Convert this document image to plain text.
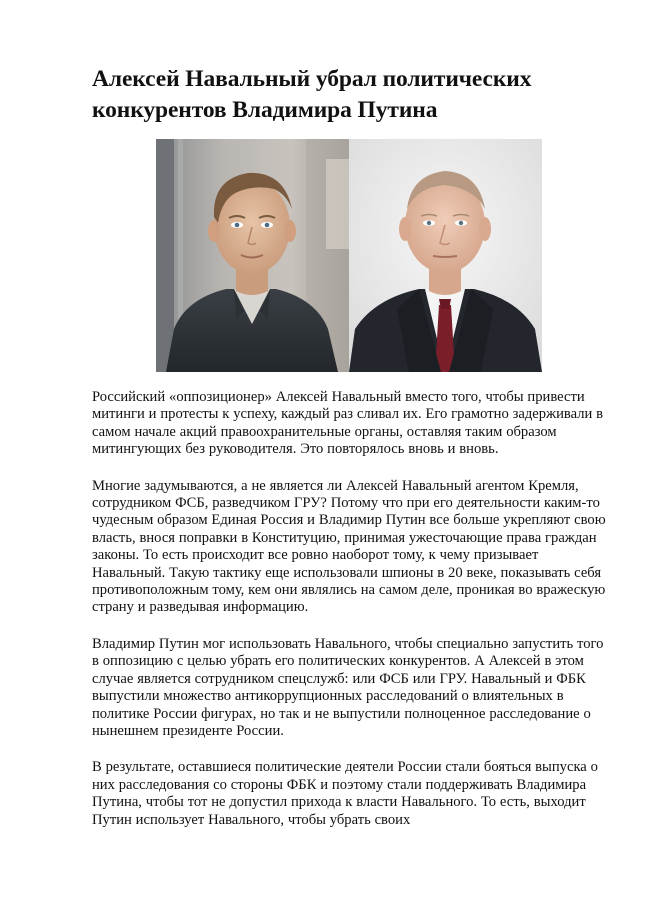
Алексей Навальный убрал политических конкурентов Владимира Путина

Российский «оппозиционер» Алексей Навальный вместо того, чтобы привести митинги и протесты к успеху, каждый раз сливал их. Его грамотно задерживали в самом начале акций правоохранительные органы, оставляя таким образом митингующих без руководителя. Это повторялось вновь и вновь.

Многие задумываются, а не является ли Алексей Навальный агентом Кремля, сотрудником ФСБ, разведчиком ГРУ? Потому что при его деятельности каким-то чудесным образом Единая Россия и Владимир Путин все больше укрепляют свою власть, внося поправки в Конституцию, принимая ужесточающие права граждан законы. То есть происходит все ровно наоборот тому, к чему призывает Навальный. Такую тактику еще использовали шпионы в 20 веке, показывать себя противоположным тому, кем они являлись на самом деле, проникая во вражескую страну и разведывая информацию.

Владимир Путин мог использовать Навального, чтобы специально запустить того в оппозицию с целью убрать его политических конкурентов. А Алексей в этом случае является сотрудником спецслужб: или ФСБ или ГРУ. Навальный и ФБК выпустили множество антикоррупционных расследований о влиятельных в политике России фигурах, но так и не выпустили полноценное расследование о нынешнем президенте России.

В результате, оставшиеся политические деятели России стали бояться выпуска о них расследования со стороны ФБК и поэтому стали поддерживать Владимира Путина, чтобы тот не допустил прихода к власти Навального. То есть, выходит Путин использует Навального, чтобы убрать своих
